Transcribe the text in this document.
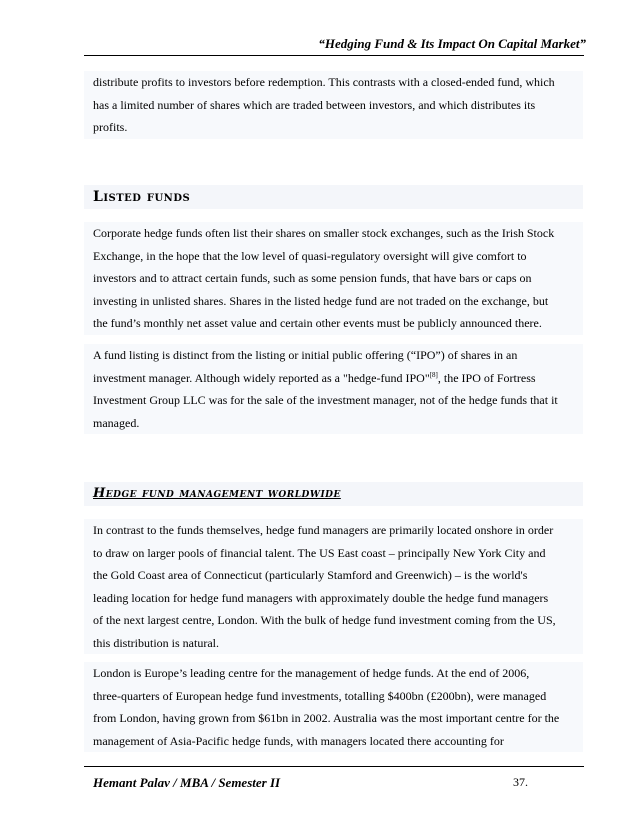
“Hedging Fund & Its Impact On Capital Market”
distribute profits to investors before redemption. This contrasts with a closed-ended fund, which
has a limited number of shares which are traded between investors, and which distributes its
profits.
Listed funds
Corporate hedge funds often list their shares on smaller stock exchanges, such as the Irish Stock
Exchange, in the hope that the low level of quasi-regulatory oversight will give comfort to
investors and to attract certain funds, such as some pension funds, that have bars or caps on
investing in unlisted shares. Shares in the listed hedge fund are not traded on the exchange, but
the fund’s monthly net asset value and certain other events must be publicly announced there.
A fund listing is distinct from the listing or initial public offering (“IPO”) of shares in an
investment manager. Although widely reported as a "hedge-fund IPO"[8], the IPO of Fortress
Investment Group LLC was for the sale of the investment manager, not of the hedge funds that it
managed.
Hedge fund management worldwide
In contrast to the funds themselves, hedge fund managers are primarily located onshore in order
to draw on larger pools of financial talent. The US East coast – principally New York City and
the Gold Coast area of Connecticut (particularly Stamford and Greenwich) – is the world's
leading location for hedge fund managers with approximately double the hedge fund managers
of the next largest centre, London. With the bulk of hedge fund investment coming from the US,
this distribution is natural.
London is Europe’s leading centre for the management of hedge funds. At the end of 2006,
three-quarters of European hedge fund investments, totalling $400bn (£200bn), were managed
from London, having grown from $61bn in 2002. Australia was the most important centre for the
management of Asia-Pacific hedge funds, with managers located there accounting for
Hemant Palav / MBA / Semester II	37.
